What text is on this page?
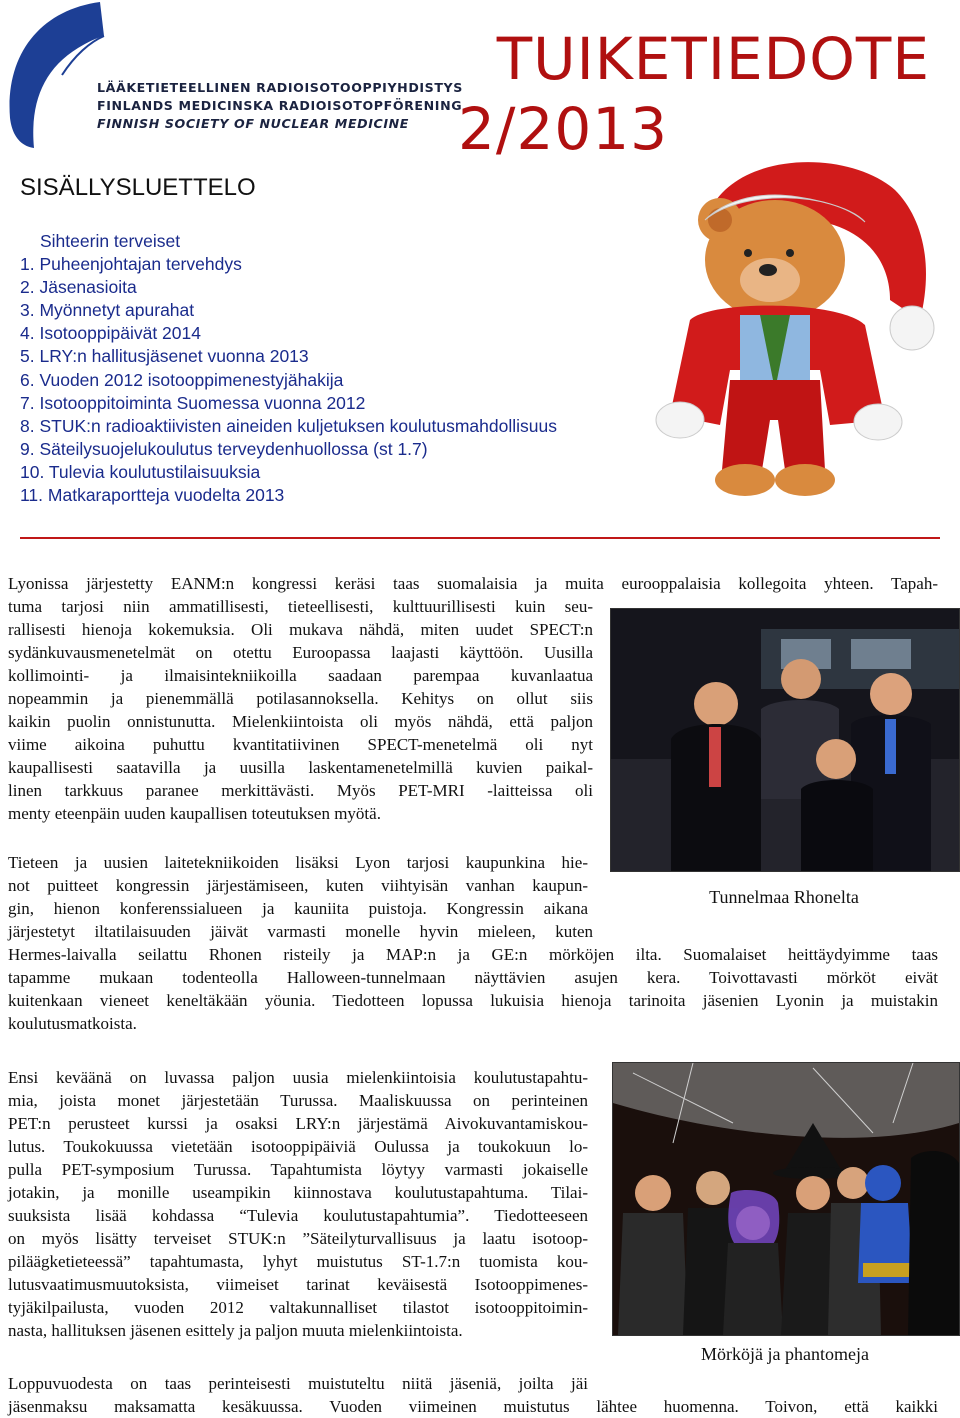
LÄÄKETIETEELLINEN RADIOISOTOOPPIYHDISTYS
FINLANDS MEDICINSKA RADIOISOTOPFÖRENING
FINNISH SOCIETY OF NUCLEAR MEDICINE
TUIKETIEDOTE
2/2013
SISÄLLYSLUETTELO
Sihteerin terveiset
1. Puheenjohtajan tervehdys
2. Jäsenasioita
3. Myönnetyt apurahat
4. Isotooppipäivät 2014
5. LRY:n hallitusjäsenet vuonna 2013
6. Vuoden 2012 isotooppimenestyjähakija
7. Isotooppitoiminta Suomessa vuonna 2012
8. STUK:n radioaktiivisten aineiden kuljetuksen koulutusmahdollisuus
9. Säteilysuojelukoulutus terveydenhuollossa (st 1.7)
10. Tulevia koulutustilaisuuksia
11. Matkaraportteja vuodelta 2013
Lyonissa järjestetty EANM:n kongressi keräsi taas suomalaisia ja muita eurooppalaisia kollegoita yhteen. Tapah-
tuma tarjosi niin ammatillisesti, tieteellisesti, kulttuurillisesti kuin seu-
rallisesti hienoja kokemuksia. Oli mukava nähdä, miten uudet SPECT:n
sydänkuvausmenetelmät on otettu Euroopassa laajasti käyttöön. Uusilla
kollimointi- ja ilmaisintekniikoilla saadaan parempaa kuvanlaatua
nopeammin ja pienemmällä potilasannoksella. Kehitys on ollut siis
kaikin puolin onnistunutta. Mielenkiintoista oli myös nähdä, että paljon
viime aikoina puhuttu kvantitatiivinen SPECT-menetelmä oli nyt
kaupallisesti saatavilla ja uusilla laskentamenetelmillä kuvien paikal-
linen tarkkuus paranee merkittävästi. Myös PET-MRI -laitteissa oli
menty eteenpäin uuden kaupallisen toteutuksen myötä.
Tunnelmaa Rhonelta
Tieteen ja uusien laitetekniikoiden lisäksi Lyon tarjosi kaupunkina hie-
not puitteet kongressin järjestämiseen, kuten viihtyisän vanhan kaupun-
gin, hienon konferenssialueen ja kauniita puistoja. Kongressin aikana
järjestetyt iltatilaisuuden jäivät varmasti monelle hyvin mieleen, kuten
Hermes-laivalla seilattu Rhonen risteily ja MAP:n ja GE:n mörköjen ilta. Suomalaiset heittäydyimme taas
tapamme mukaan todenteolla Halloween-tunnelmaan näyttävien asujen kera. Toivottavasti mörköt eivät
kuitenkaan vieneet keneltäkään yöunia. Tiedotteen lopussa lukuisia hienoja tarinoita jäsenien Lyonin ja muistakin
koulutusmatkoista.
Ensi keväänä on luvassa paljon uusia mielenkiintoisia koulutustapahtu-
mia, joista monet järjestetään Turussa. Maaliskuussa on perinteinen
PET:n perusteet kurssi ja osaksi LRY:n järjestämä Aivokuvantamiskou-
lutus. Toukokuussa vietetään isotooppipäiviä Oulussa ja toukokuun lo-
pulla PET-symposium Turussa. Tapahtumista löytyy varmasti jokaiselle
jotakin, ja monille useampikin kiinnostava koulutustapahtuma. Tilai-
suuksista lisää kohdassa “Tulevia koulutustapahtumia”. Tiedotteeseen
on myös lisätty terveiset STUK:n ”Säteilyturvallisuus ja laatu isotoop-
piläägketieteessä” tapahtumasta, lyhyt muistutus ST-1.7:n tuomista kou-
lutusvaatimusmuutoksista, viimeiset tarinat keväisestä Isotooppimenes-
tyjäkilpailusta, vuoden 2012 valtakunnalliset tilastot isotooppitoimin-
nasta, hallituksen jäsenen esittely ja paljon muuta mielenkiintoista.
Mörköjä ja phantomeja
Loppuvuodesta on taas perinteisesti muistuteltu niitä jäseniä, joilta jäi
jäsenmaksu maksamatta kesäkuussa. Vuoden viimeinen muistutus lähtee huomenna. Toivon, että kaikki
